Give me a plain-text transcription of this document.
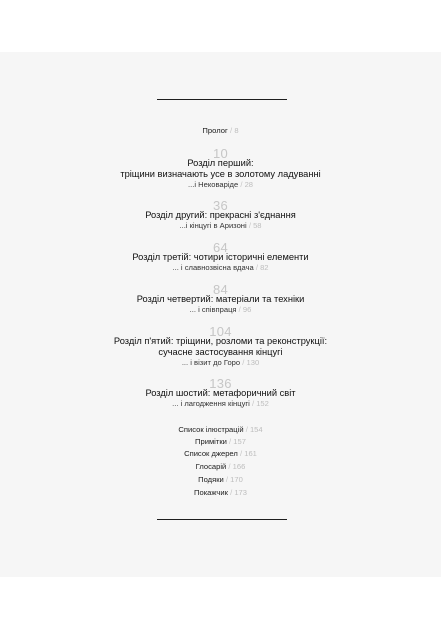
Пролог / 8
10
Розділ перший:
тріщини визначають усе в золотому ладуванні
...і Нековаріде / 28
36
Розділ другий: прекрасні з'єднання
...і кінцугі в Аризоні / 58
64
Розділ третій: чотири історичні елементи
... і славнозвісна вдача / 82
84
Розділ четвертий: матеріали та техніки
... і співпраця / 96
104
Розділ п'ятий: тріщини, розломи та реконструкції:
сучасне застосування кінцугі
... і візит до Горо / 130
136
Розділ шостий: метафоричний світ
... і лагодження кінцугі / 152
Список ілюстрацій / 154
Примітки / 157
Список джерел / 161
Глосарій / 166
Подяки / 170
Покажчик / 173
